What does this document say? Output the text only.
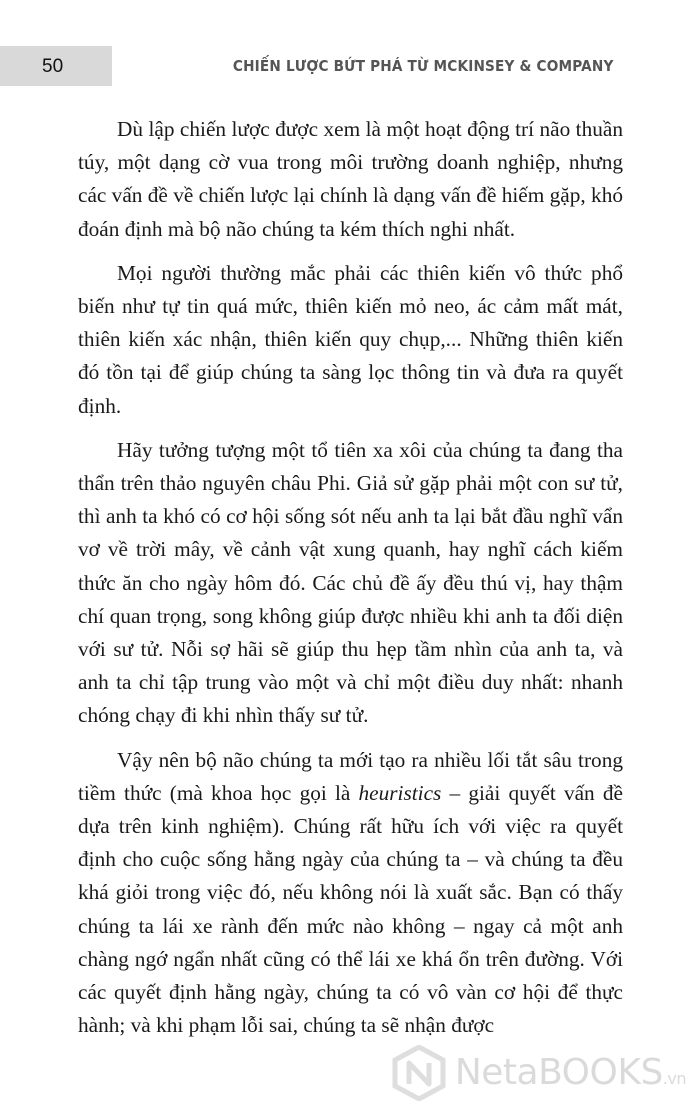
50	CHIẾN LƯỢC BỨT PHÁ TỪ MCKINSEY & COMPANY

Dù lập chiến lược được xem là một hoạt động trí não thuần túy, một dạng cờ vua trong môi trường doanh nghiệp, nhưng các vấn đề về chiến lược lại chính là dạng vấn đề hiếm gặp, khó đoán định mà bộ não chúng ta kém thích nghi nhất.

Mọi người thường mắc phải các thiên kiến vô thức phổ biến như tự tin quá mức, thiên kiến mỏ neo, ác cảm mất mát, thiên kiến xác nhận, thiên kiến quy chụp,... Những thiên kiến đó tồn tại để giúp chúng ta sàng lọc thông tin và đưa ra quyết định.

Hãy tưởng tượng một tổ tiên xa xôi của chúng ta đang tha thẩn trên thảo nguyên châu Phi. Giả sử gặp phải một con sư tử, thì anh ta khó có cơ hội sống sót nếu anh ta lại bắt đầu nghĩ vẩn vơ về trời mây, về cảnh vật xung quanh, hay nghĩ cách kiếm thức ăn cho ngày hôm đó. Các chủ đề ấy đều thú vị, hay thậm chí quan trọng, song không giúp được nhiều khi anh ta đối diện với sư tử. Nỗi sợ hãi sẽ giúp thu hẹp tầm nhìn của anh ta, và anh ta chỉ tập trung vào một và chỉ một điều duy nhất: nhanh chóng chạy đi khi nhìn thấy sư tử.

Vậy nên bộ não chúng ta mới tạo ra nhiều lối tắt sâu trong tiềm thức (mà khoa học gọi là heuristics – giải quyết vấn đề dựa trên kinh nghiệm). Chúng rất hữu ích với việc ra quyết định cho cuộc sống hằng ngày của chúng ta – và chúng ta đều khá giỏi trong việc đó, nếu không nói là xuất sắc. Bạn có thấy chúng ta lái xe rành đến mức nào không – ngay cả một anh chàng ngớ ngẩn nhất cũng có thể lái xe khá ổn trên đường. Với các quyết định hằng ngày, chúng ta có vô vàn cơ hội để thực hành; và khi phạm lỗi sai, chúng ta sẽ nhận được

NetaBOOKS.vn
